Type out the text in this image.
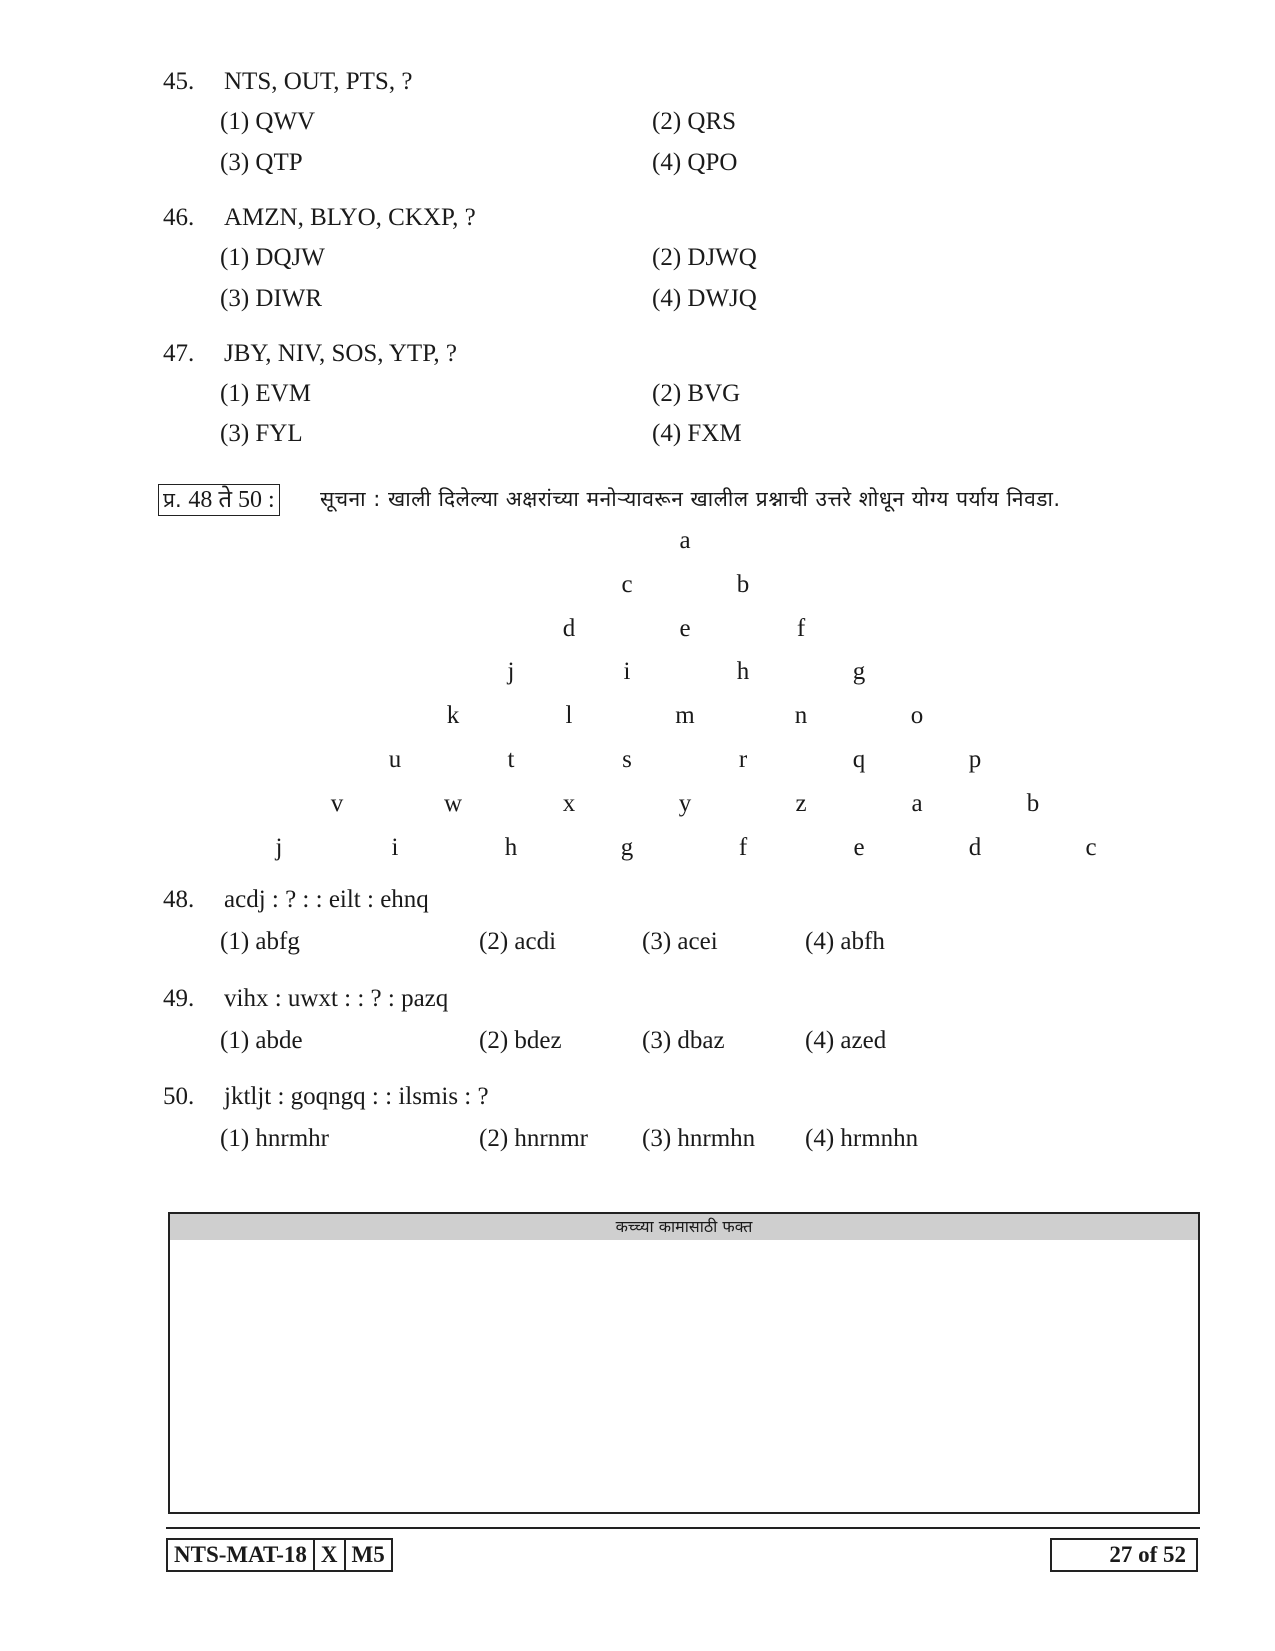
45. NTS, OUT, PTS, ?
(1) QWV	(2) QRS
(3) QTP	(4) QPO
46. AMZN, BLYO, CKXP, ?
(1) DQJW	(2) DJWQ
(3) DIWR	(4) DWJQ
47. JBY, NIV, SOS, YTP, ?
(1) EVM	(2) BVG
(3) FYL	(4) FXM
प्र. 48 ते 50 : सूचना : खाली दिलेल्या अक्षरांच्या मनोऱ्यावरून खालील प्रश्नाची उत्तरे शोधून योग्य पर्याय निवडा.
a
c	b
d	e	f
j	i	h	g
k	l	m	n	o
u	t	s	r	q	p
v	w	x	y	z	a	b
j	i	h	g	f	e	d	c
48. acdj : ? : : eilt : ehnq
(1) abfg	(2) acdi	(3) acei	(4) abfh
49. vihx : uwxt : : ? : pazq
(1) abde	(2) bdez	(3) dbaz	(4) azed
50. jktljt : goqngq : : ilsmis : ?
(1) hnrmhr	(2) hnrnmr (3) hnrmhn (4) hrmnhn
कच्च्या कामासाठी फक्त
NTS-MAT-18 X M5	27 of 52
